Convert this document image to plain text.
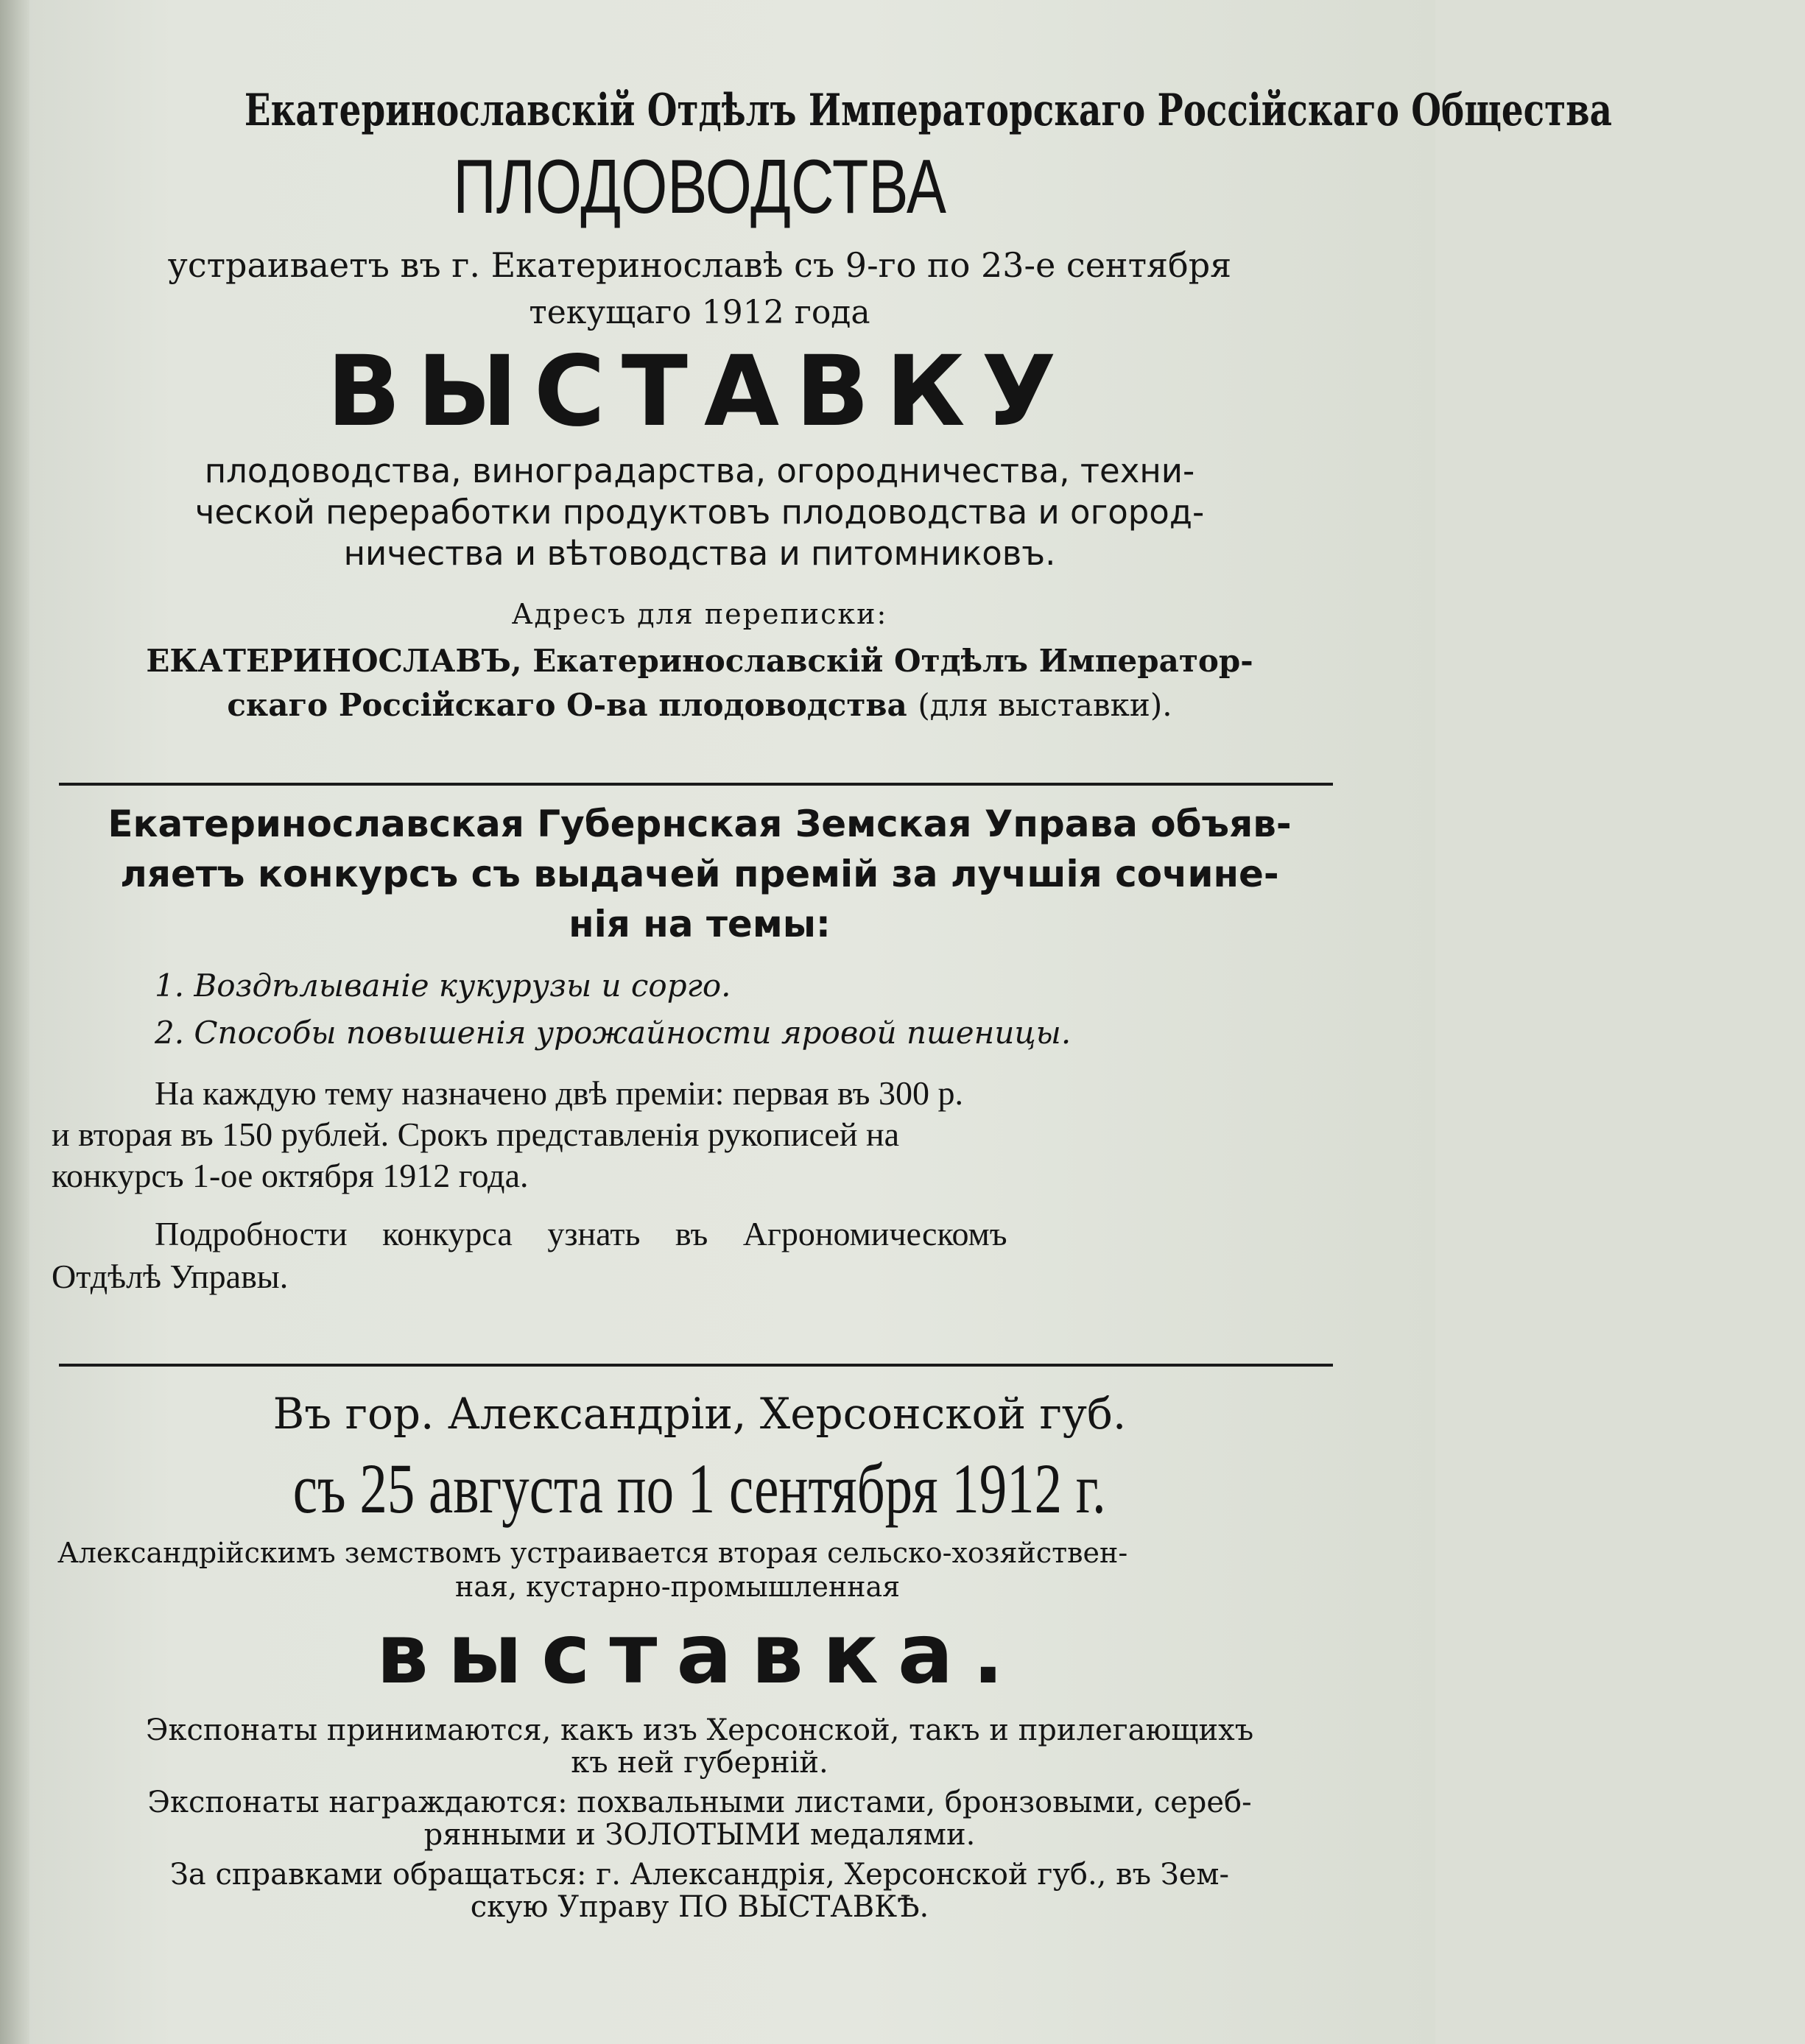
Екатеринославскій Отдѣлъ Императорскаго Россійскаго Общества
ПЛОДОВОДСТВА
устраиваетъ въ г. Екатеринославѣ съ 9-го по 23-е сентября
текущаго 1912 года
ВЫСТАВКУ
плодоводства, виноградарства, огородничества, техни-
ческой переработки продуктовъ плодоводства и огород-
ничества и вѣтоводства и питомниковъ.
Адресъ для переписки:
ЕКАТЕРИНОСЛАВЪ, Екатеринославскій Отдѣлъ Император-
скаго Россійскаго О-ва плодоводства (для выставки).
Екатеринославская Губернская Земская Управа объяв-
ляетъ конкурсъ съ выдачей премій за лучшія сочине-
нія на темы:
1. Воздѣлываніе кукурузы и сорго.
2. Способы повышенія урожайности яровой пшеницы.
На каждую тему назначено двѣ преміи: первая въ 300 р.
и вторая въ 150 рублей. Срокъ представленія рукописей на
конкурсъ 1-ое октября 1912 года.
Подробности конкурса узнать въ Агрономическомъ
Отдѣлѣ Управы.
Въ гор. Александріи, Херсонской губ.
съ 25 августа по 1 сентября 1912 г.
Александрійскимъ земствомъ устраивается вторая сельско-хозяйствен-
ная, кустарно-промышленная
выставка.
Экспонаты принимаются, какъ изъ Херсонской, такъ и прилегающихъ
къ ней губерній.
Экспонаты награждаются: похвальными листами, бронзовыми, сереб-
рянными и ЗОЛОТЫМИ медалями.
За справками обращаться: г. Александрія, Херсонской губ., въ Зем-
скую Управу ПО ВЫСТАВКѢ.
